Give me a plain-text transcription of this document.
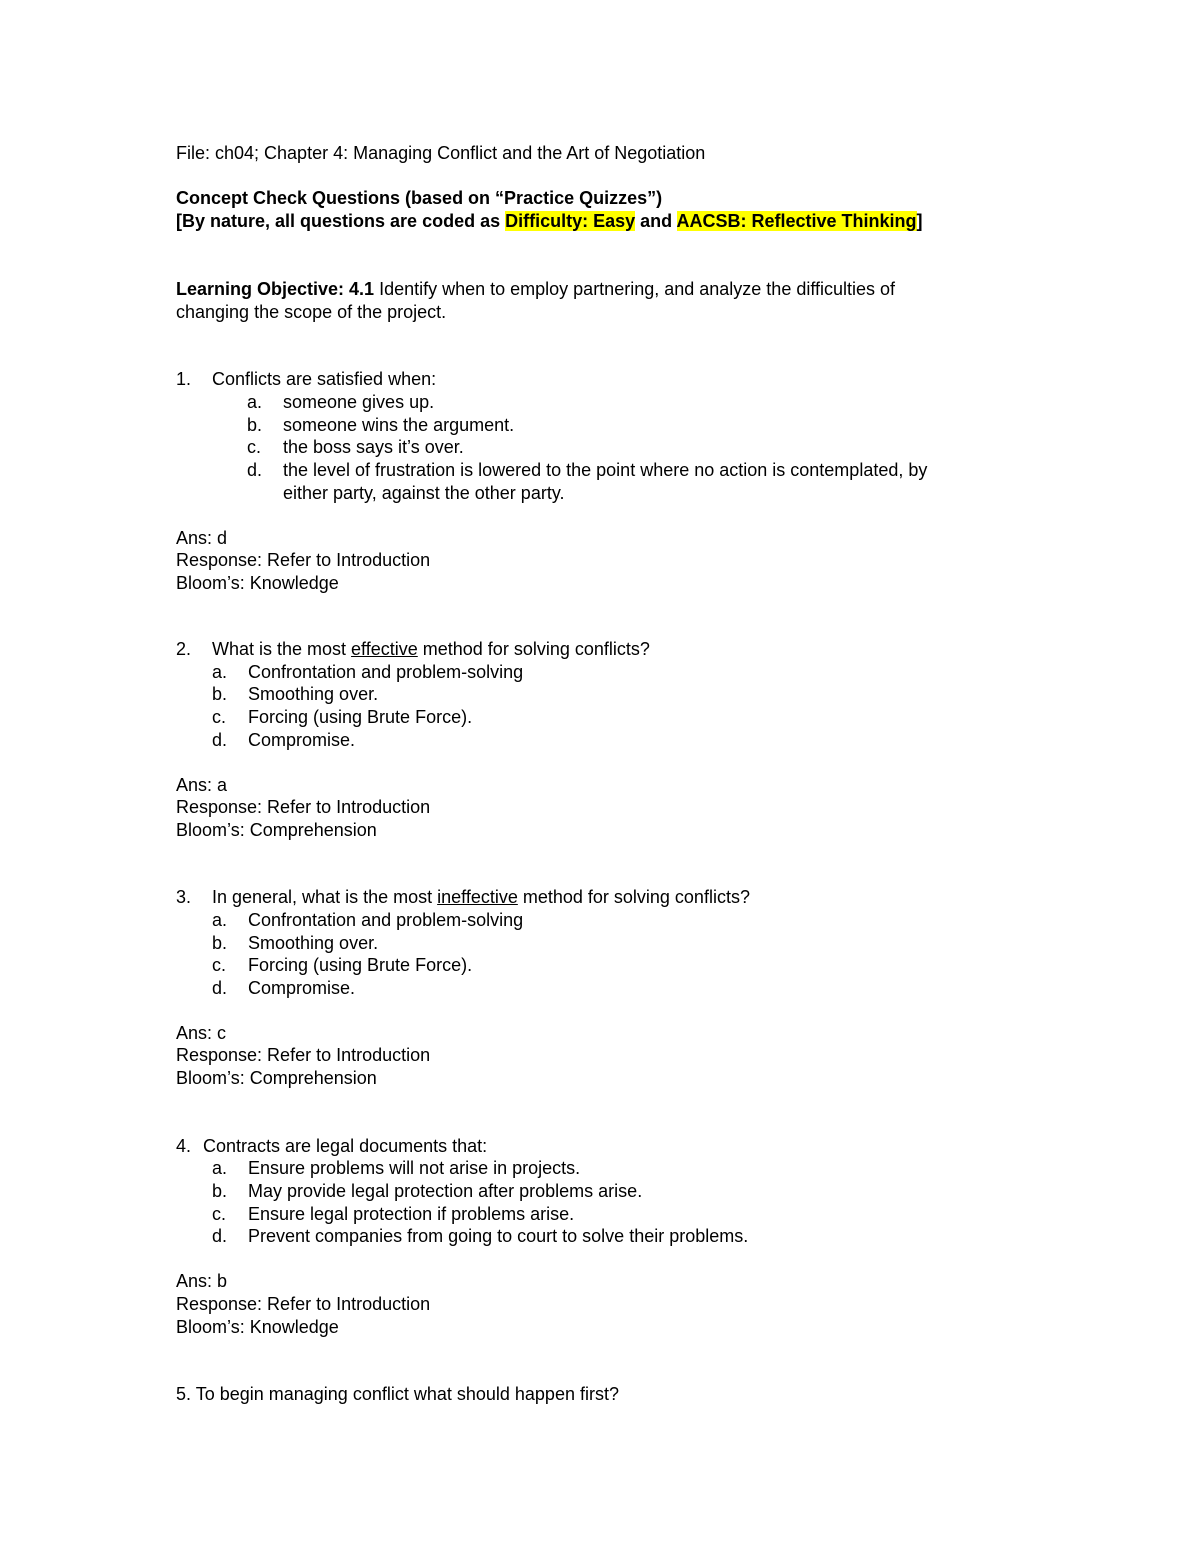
File: ch04; Chapter 4: Managing Conflict and the Art of Negotiation
Concept Check Questions (based on “Practice Quizzes”)
[By nature, all questions are coded as Difficulty: Easy and AACSB: Reflective Thinking]
Learning Objective: 4.1 Identify when to employ partnering, and analyze the difficulties of
changing the scope of the project.
1. Conflicts are satisfied when:
a. someone gives up.
b. someone wins the argument.
c. the boss says it’s over.
d. the level of frustration is lowered to the point where no action is contemplated, by
either party, against the other party.
Ans: d
Response: Refer to Introduction
Bloom’s: Knowledge
2. What is the most effective method for solving conflicts?
a. Confrontation and problem-solving
b. Smoothing over.
c. Forcing (using Brute Force).
d. Compromise.
Ans: a
Response: Refer to Introduction
Bloom’s: Comprehension
3. In general, what is the most ineffective method for solving conflicts?
a. Confrontation and problem-solving
b. Smoothing over.
c. Forcing (using Brute Force).
d. Compromise.
Ans: c
Response: Refer to Introduction
Bloom’s: Comprehension
4. Contracts are legal documents that:
a. Ensure problems will not arise in projects.
b. May provide legal protection after problems arise.
c. Ensure legal protection if problems arise.
d. Prevent companies from going to court to solve their problems.
Ans: b
Response: Refer to Introduction
Bloom’s: Knowledge
5. To begin managing conflict what should happen first?
